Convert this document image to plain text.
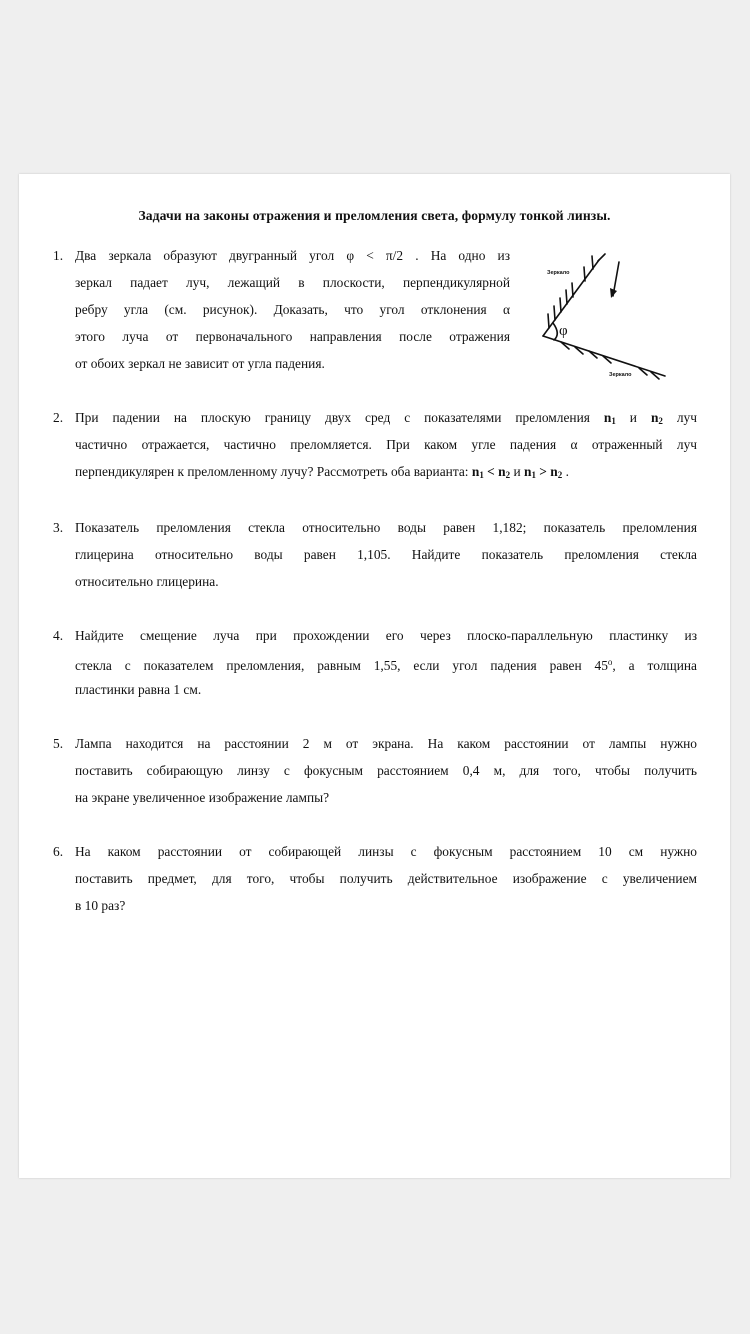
Задачи на законы отражения и преломления света, формулу тонкой линзы.
1. Два зеркала образуют двугранный угол φ < π/2 . На одно из
зеркал падает луч, лежащий в плоскости, перпендикулярной
ребру угла (см. рисунок). Доказать, что угол отклонения α
этого луча от первоначального направления после отражения
от обоих зеркал не зависит от угла падения.
Зеркало
Зеркало
φ
2. При падении на плоскую границу двух сред с показателями преломления $n_1$ и $n_2$ луч
частично отражается, частично преломляется. При каком угле падения α отраженный луч
перпендикулярен к преломленному лучу? Рассмотреть оба варианта: $n_1 < n_2$ и $n_1 > n_2$ .
3. Показатель преломления стекла относительно воды равен 1,182; показатель преломления
глицерина относительно воды равен 1,105. Найдите показатель преломления стекла
относительно глицерина.
4. Найдите смещение луча при прохождении его через плоско-параллельную пластинку из
стекла с показателем преломления, равным 1,55, если угол падения равен 45$^o$, а толщина
пластинки равна 1 см.
5. Лампа находится на расстоянии 2 м от экрана. На каком расстоянии от лампы нужно
поставить собирающую линзу с фокусным расстоянием 0,4 м, для того, чтобы получить
на экране увеличенное изображение лампы?
6. На каком расстоянии от собирающей линзы с фокусным расстоянием 10 см нужно
поставить предмет, для того, чтобы получить действительное изображение с увеличением
в 10 раз?
